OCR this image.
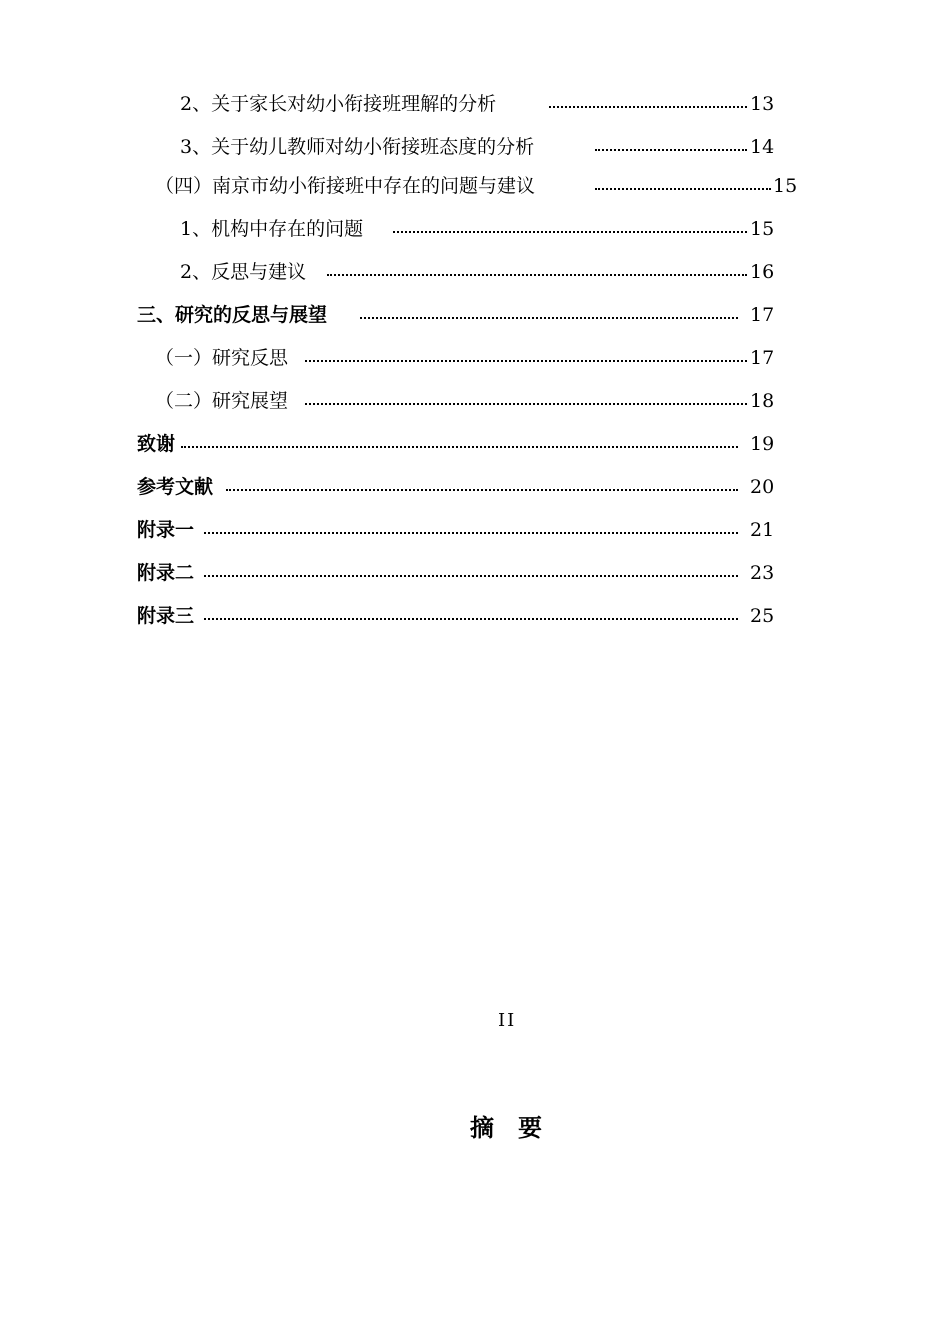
2、关于家长对幼小衔接班理解的分析	13
3、关于幼儿教师对幼小衔接班态度的分析	14
（四）南京市幼小衔接班中存在的问题与建议	15
1、机构中存在的问题	15
2、反思与建议	16
三、研究的反思与展望	17
（一）研究反思	17
（二）研究展望	18
致谢	19
参考文献	20
附录一	21
附录二	23
附录三	25
II
摘要
